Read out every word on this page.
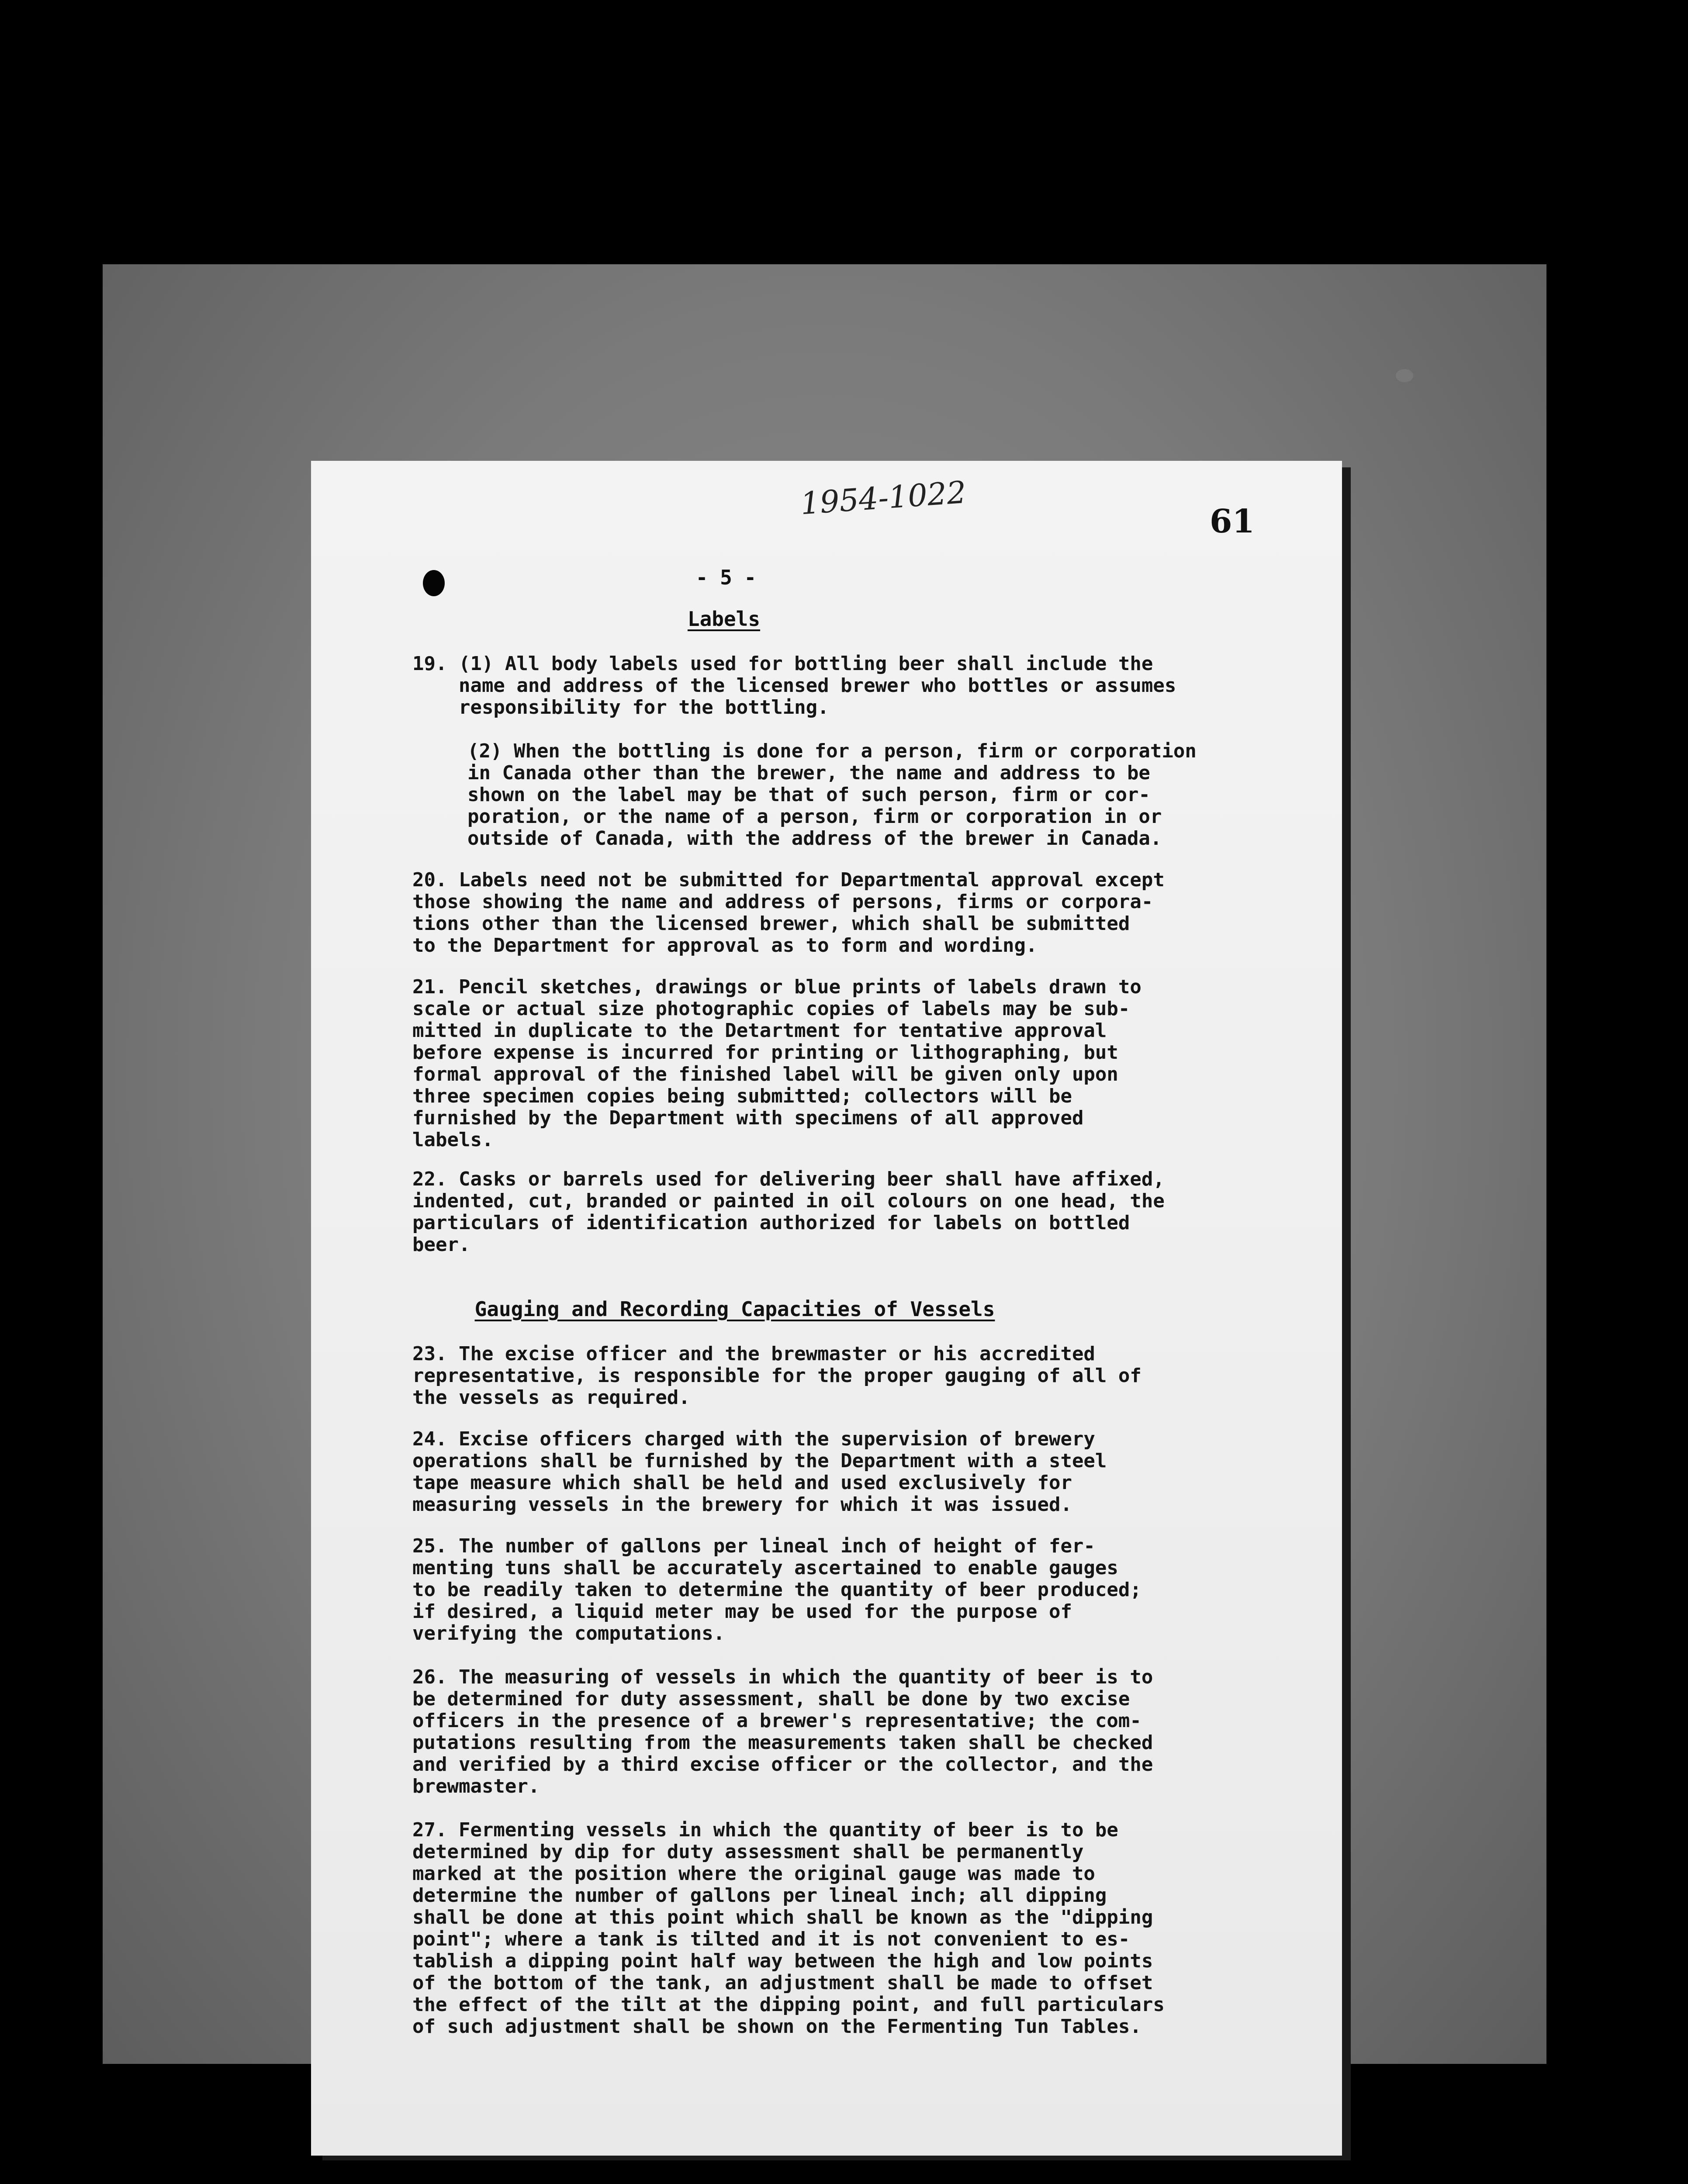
1954-1022	61
- 5 -
Labels
19. (1) All body labels used for bottling beer shall include the
name and address of the licensed brewer who bottles or assumes
responsibility for the bottling.
(2) When the bottling is done for a person, firm or corporation
in Canada other than the brewer, the name and address to be
shown on the label may be that of such person, firm or cor-
poration, or the name of a person, firm or corporation in or
outside of Canada, with the address of the brewer in Canada.
20. Labels need not be submitted for Departmental approval except
those showing the name and address of persons, firms or corpora-
tions other than the licensed brewer, which shall be submitted
to the Department for approval as to form and wording.
21. Pencil sketches, drawings or blue prints of labels drawn to
scale or actual size photographic copies of labels may be sub-
mitted in duplicate to the Detartment for tentative approval
before expense is incurred for printing or lithographing, but
formal approval of the finished label will be given only upon
three specimen copies being submitted; collectors will be
furnished by the Department with specimens of all approved
labels.
22. Casks or barrels used for delivering beer shall have affixed,
indented, cut, branded or painted in oil colours on one head, the
particulars of identification authorized for labels on bottled
beer.
Gauging and Recording Capacities of Vessels
23. The excise officer and the brewmaster or his accredited
representative, is responsible for the proper gauging of all of
the vessels as required.
24. Excise officers charged with the supervision of brewery
operations shall be furnished by the Department with a steel
tape measure which shall be held and used exclusively for
measuring vessels in the brewery for which it was issued.
25. The number of gallons per lineal inch of height of fer-
menting tuns shall be accurately ascertained to enable gauges
to be readily taken to determine the quantity of beer produced;
if desired, a liquid meter may be used for the purpose of
verifying the computations.
26. The measuring of vessels in which the quantity of beer is to
be determined for duty assessment, shall be done by two excise
officers in the presence of a brewer's representative; the com-
putations resulting from the measurements taken shall be checked
and verified by a third excise officer or the collector, and the
brewmaster.
27. Fermenting vessels in which the quantity of beer is to be
determined by dip for duty assessment shall be permanently
marked at the position where the original gauge was made to
determine the number of gallons per lineal inch; all dipping
shall be done at this point which shall be known as the "dipping
point"; where a tank is tilted and it is not convenient to es-
tablish a dipping point half way between the high and low points
of the bottom of the tank, an adjustment shall be made to offset
the effect of the tilt at the dipping point, and full particulars
of such adjustment shall be shown on the Fermenting Tun Tables.
